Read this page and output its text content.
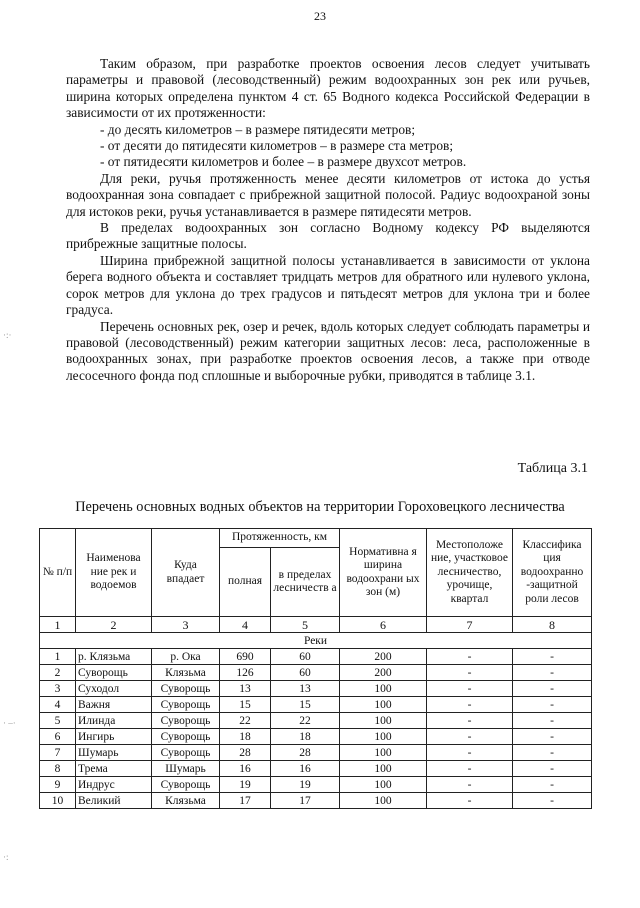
23

Таким образом, при разработке проектов освоения лесов следует учитывать параметры и правовой (лесоводственный) режим водоохранных зон рек или ручьев, ширина которых определена пунктом 4 ст. 65 Водного кодекса Российской Федерации в зависимости от их протяженности:

- до десять километров – в размере пятидесяти метров;

- от десяти до пятидесяти километров – в размере ста метров;

- от пятидесяти километров и более – в размере двухсот метров.

Для реки, ручья протяженность менее десяти километров от истока до устья водоохранная зона совпадает с прибрежной защитной полосой. Радиус водоохраной зоны для истоков реки, ручья устанавливается в размере пятидесяти метров.

В пределах водоохранных зон согласно Водному кодексу РФ выделяются прибрежные защитные полосы.

Ширина прибрежной защитной полосы устанавливается в зависимости от уклона берега водного объекта и составляет тридцать метров для обратного или нулевого уклона, сорок метров для уклона до трех градусов и пятьдесят метров для уклона три и более градуса.

Перечень основных рек, озер и речек, вдоль которых следует соблюдать параметры и правовой (лесоводственный) режим категории защитных лесов: леса, расположенные в водоохранных зонах, при разработке проектов освоения лесов, а также при отводе лесосечного фонда под сплошные и выборочные рубки, приводятся в таблице 3.1.

Таблица 3.1
Перечень основных водных объектов на территории Гороховецкого лесничества
№ п/п	Наименова ние рек и водоемов	Куда впадает	Протяженность, км		Нормативна я ширина водоохрани ых зон (м)	Местоположе ние, участковое лесничество, урочище, квартал	Классифика ция водоохранно -защитной роли лесов
			полная	в пределах лесничеств а			
1	2	3	4	5	6	7	8
Реки							
1	р. Клязьма	р. Ока	690	60	200	-	-
2	Суворощь	Клязьма	126	60	200	-	-
3	Суходол	Суворощь	13	13	100	-	-
4	Важня	Суворощь	15	15	100	-	-
5	Илинда	Суворощь	22	22	100	-	-
6	Ингирь	Суворощь	18	18	100	-	-
7	Шумарь	Суворощь	28	28	100	-	-
8	Трема	Шумарь	16	16	100	-	-
9	Индрус	Суворощь	19	19	100	-	-
10	Великий	Клязьма	17	17	100	-	-
·:·
· –·
·:
